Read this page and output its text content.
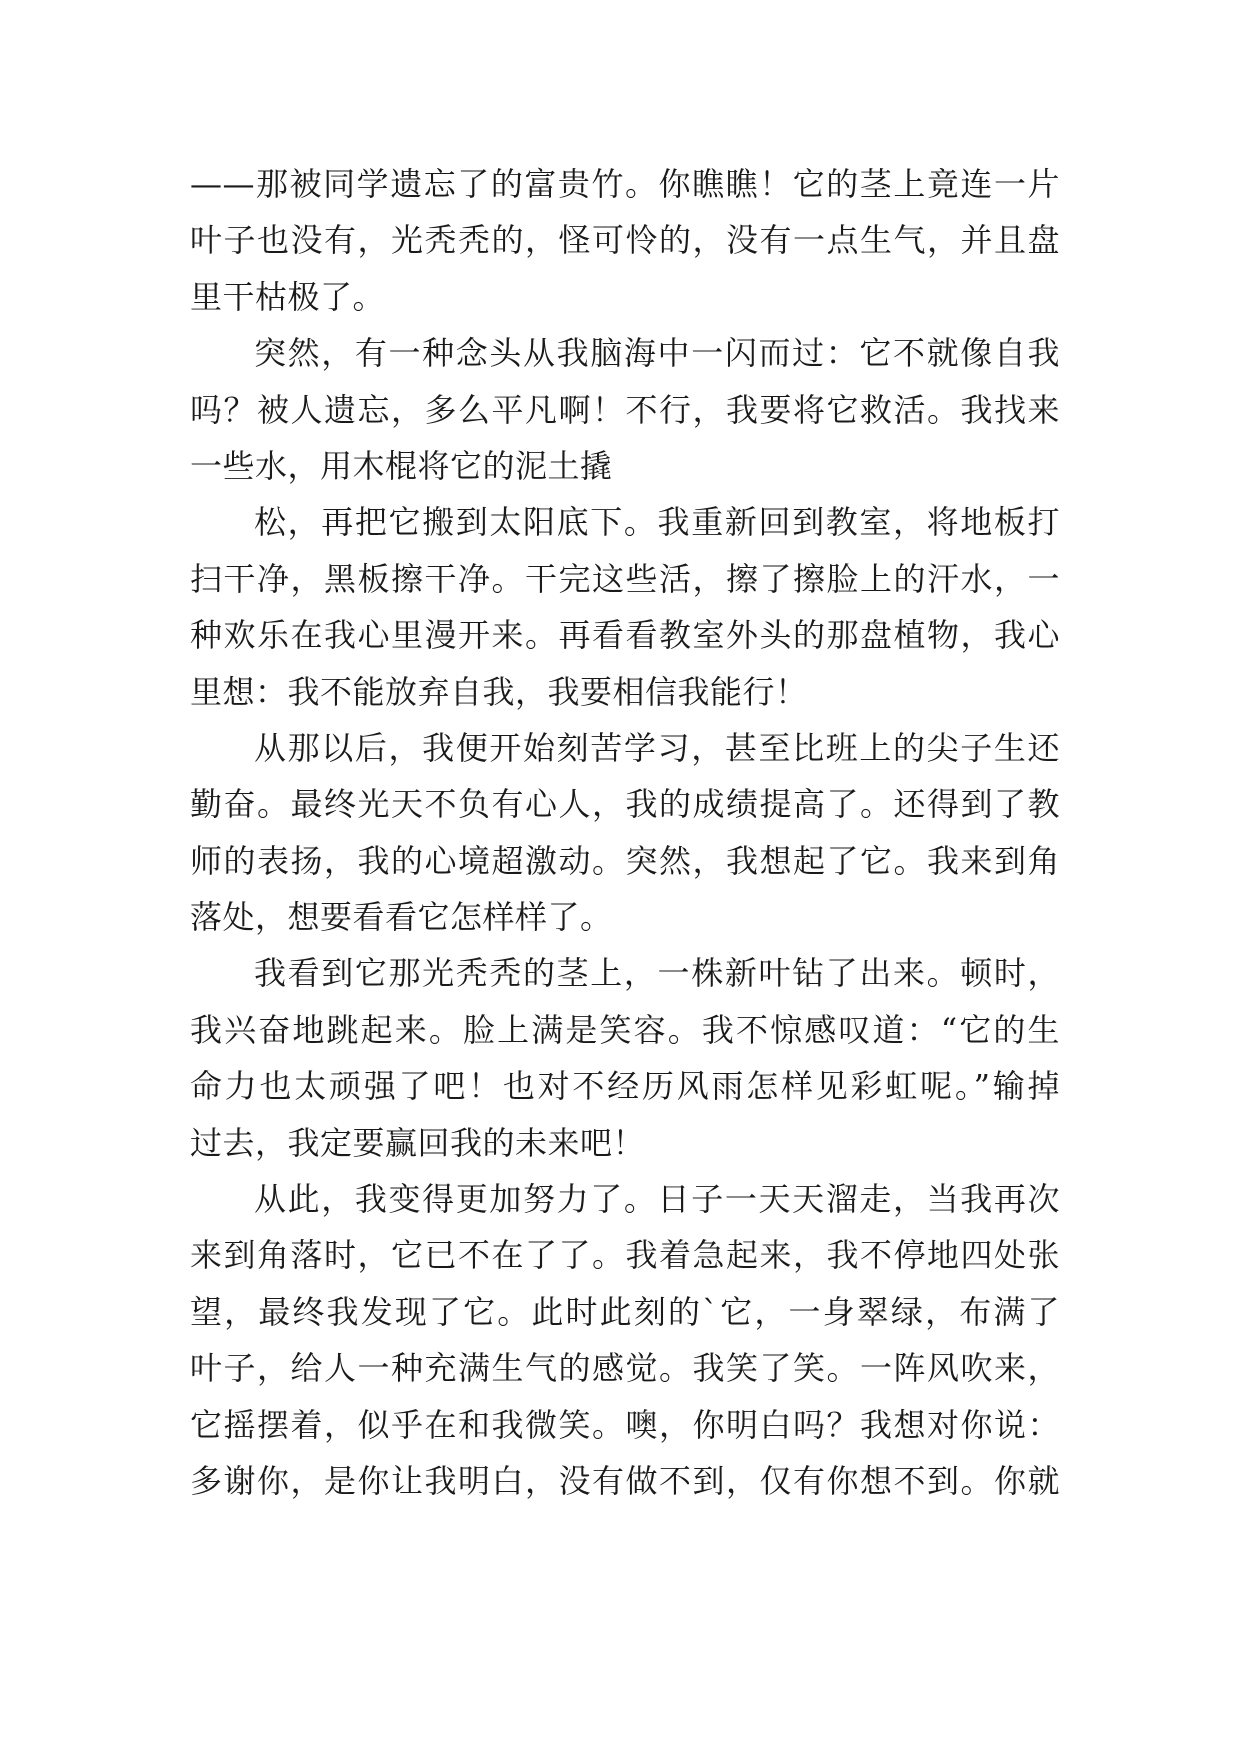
——那被同学遗忘了的富贵竹。你瞧瞧！它的茎上竟连一片
叶子也没有，光秃秃的，怪可怜的，没有一点生气，并且盘
里干枯极了。
突然，有一种念头从我脑海中一闪而过：它不就像自我
吗？被人遗忘，多么平凡啊！不行，我要将它救活。我找来
一些水，用木棍将它的泥土撬
松，再把它搬到太阳底下。我重新回到教室，将地板打
扫干净，黑板擦干净。干完这些活，擦了擦脸上的汗水，一
种欢乐在我心里漫开来。再看看教室外头的那盘植物，我心
里想：我不能放弃自我，我要相信我能行！
从那以后，我便开始刻苦学习，甚至比班上的尖子生还
勤奋。最终光天不负有心人，我的成绩提高了。还得到了教
师的表扬，我的心境超激动。突然，我想起了它。我来到角
落处，想要看看它怎样样了。
我看到它那光秃秃的茎上，一株新叶钻了出来。顿时，
我兴奋地跳起来。脸上满是笑容。我不惊感叹道：“它的生
命力也太顽强了吧！也对不经历风雨怎样见彩虹呢。”输掉
过去，我定要赢回我的未来吧！
从此，我变得更加努力了。日子一天天溜走，当我再次
来到角落时，它已不在了了。我着急起来，我不停地四处张
望，最终我发现了它。此时此刻的`它，一身翠绿，布满了
叶子，给人一种充满生气的感觉。我笑了笑。一阵风吹来，
它摇摆着，似乎在和我微笑。噢，你明白吗？我想对你说：
多谢你，是你让我明白，没有做不到，仅有你想不到。你就
